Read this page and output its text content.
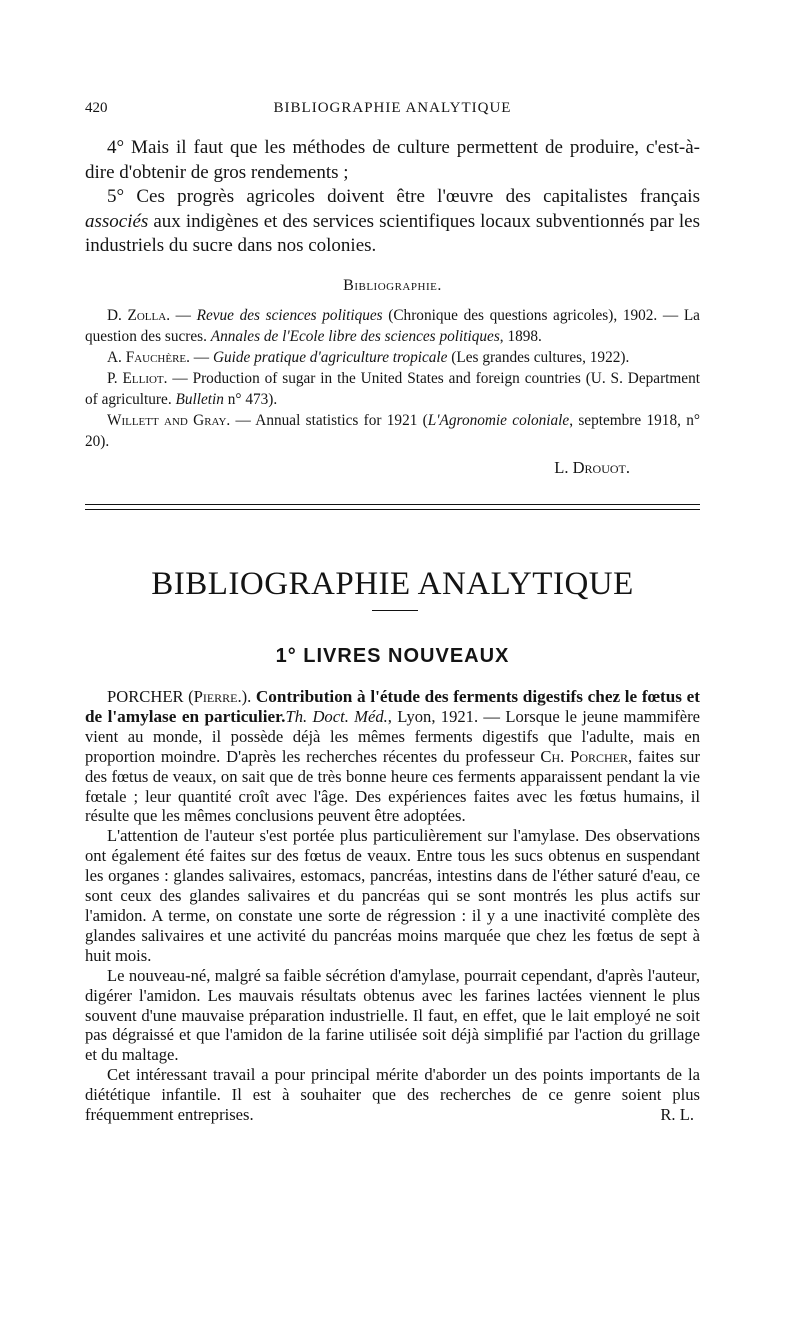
420	BIBLIOGRAPHIE ANALYTIQUE

4° Mais il faut que les méthodes de culture permettent de produire, c'est-à-dire d'obtenir de gros rendements ;

5° Ces progrès agricoles doivent être l'œuvre des capitalistes français associés aux indigènes et des services scientifiques locaux subventionnés par les industriels du sucre dans nos colonies.

Bibliographie.

D. Zolla. — Revue des sciences politiques (Chronique des questions agricoles), 1902. — La question des sucres. Annales de l'Ecole libre des sciences politiques, 1898.

A. Fauchère. — Guide pratique d'agriculture tropicale (Les grandes cultures, 1922).

P. Elliot. — Production of sugar in the United States and foreign countries (U. S. Department of agriculture. Bulletin n° 473).

Willett and Gray. — Annual statistics for 1921 (L'Agronomie coloniale, septembre 1918, n° 20).

L. Drouot.

BIBLIOGRAPHIE ANALYTIQUE
1° LIVRES NOUVEAUX

PORCHER (Pierre.). Contribution à l'étude des ferments digestifs chez le fœtus et de l'amylase en particulier.Th. Doct. Méd., Lyon, 1921. — Lorsque le jeune mammifère vient au monde, il possède déjà les mêmes ferments digestifs que l'adulte, mais en proportion moindre. D'après les recherches récentes du professeur Ch. Porcher, faites sur des fœtus de veaux, on sait que de très bonne heure ces ferments apparaissent pendant la vie fœtale ; leur quantité croît avec l'âge. Des expériences faites avec les fœtus humains, il résulte que les mêmes conclusions peuvent être adoptées.

L'attention de l'auteur s'est portée plus particulièrement sur l'amylase. Des observations ont également été faites sur des fœtus de veaux. Entre tous les sucs obtenus en suspendant les organes : glandes salivaires, estomacs, pancréas, intestins dans de l'éther saturé d'eau, ce sont ceux des glandes salivaires et du pancréas qui se sont montrés les plus actifs sur l'amidon. A terme, on constate une sorte de régression : il y a une inactivité complète des glandes salivaires et une activité du pancréas moins marquée que chez les fœtus de sept à huit mois.

Le nouveau-né, malgré sa faible sécrétion d'amylase, pourrait cependant, d'après l'auteur, digérer l'amidon. Les mauvais résultats obtenus avec les farines lactées viennent le plus souvent d'une mauvaise préparation industrielle. Il faut, en effet, que le lait employé ne soit pas dégraissé et que l'amidon de la farine utilisée soit déjà simplifié par l'action du grillage et du maltage.

Cet intéressant travail a pour principal mérite d'aborder un des points importants de la diététique infantile. Il est à souhaiter que des recherches de ce genre soient plus fréquemment entreprises.	R. L.
